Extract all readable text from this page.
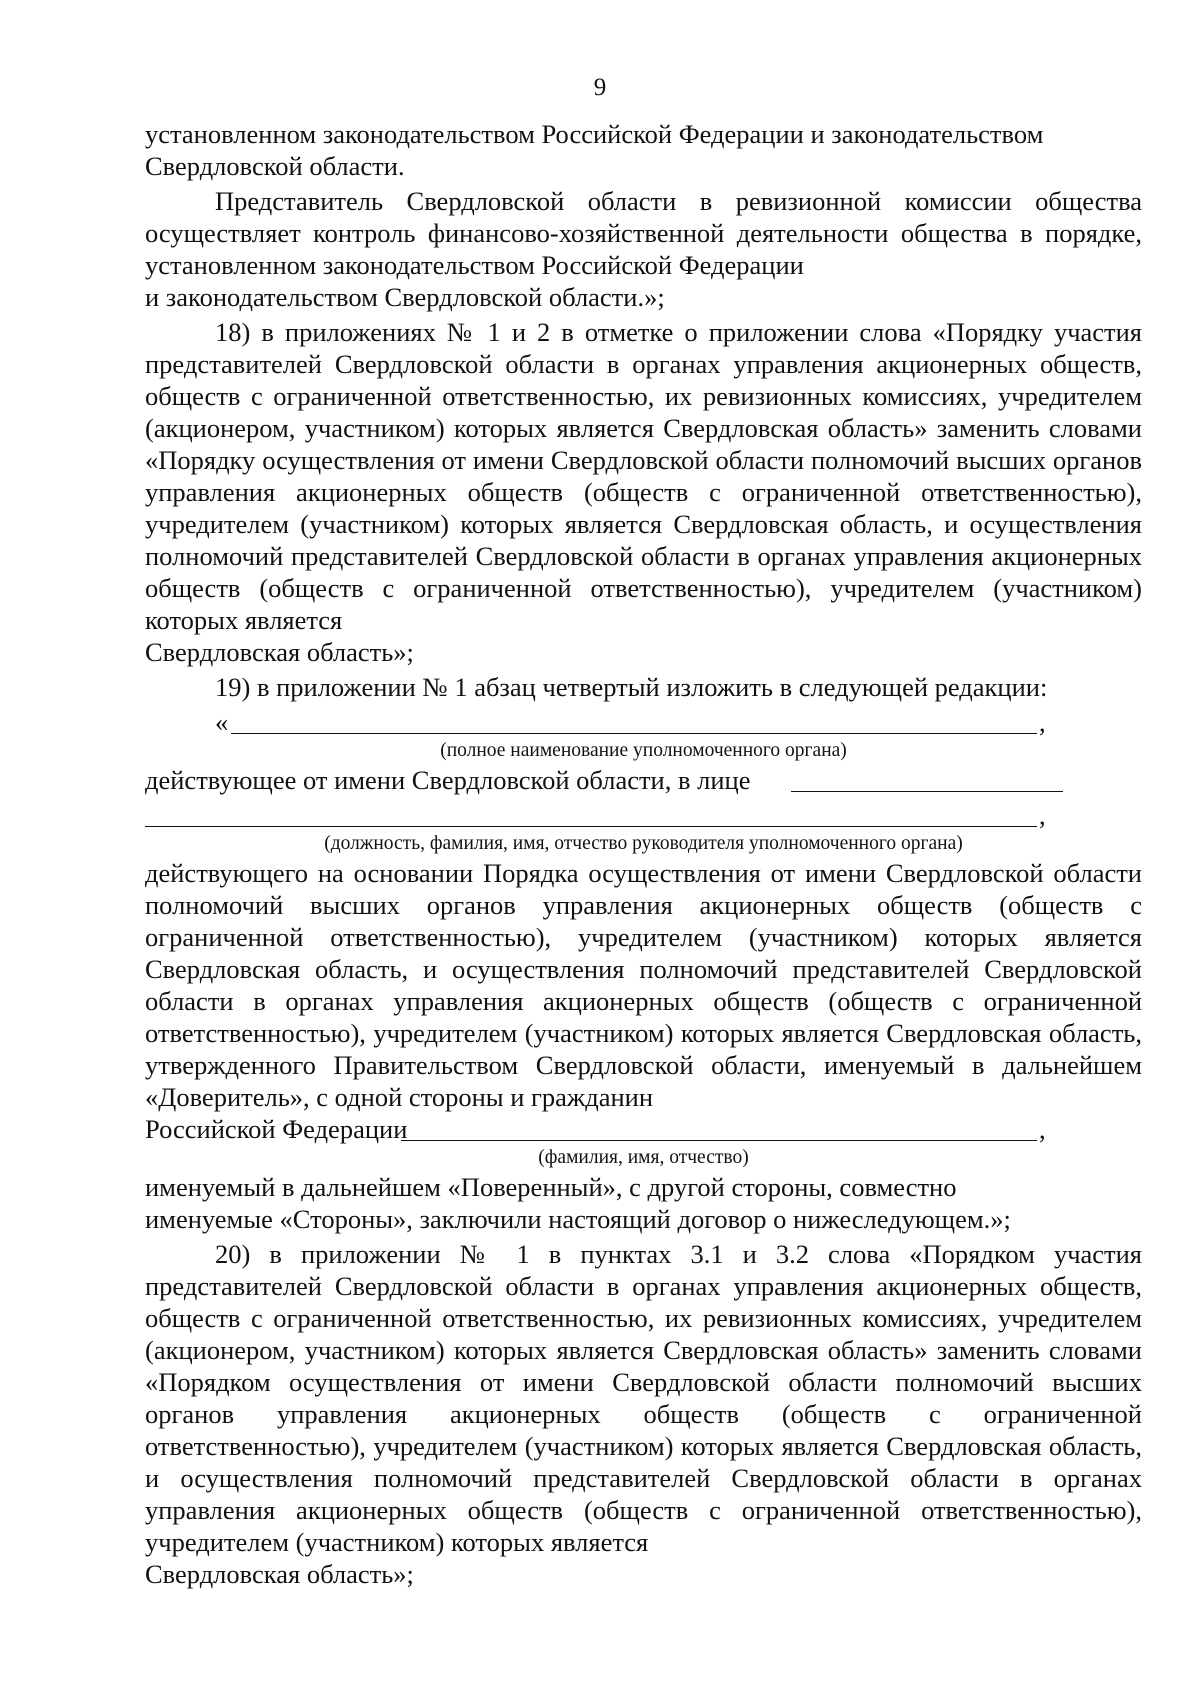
9

установленном законодательством Российской Федерации и законодательством

Свердловской области.

Представитель Свердловской области в ревизионной комиссии общества осуществляет контроль финансово-хозяйственной деятельности общества в порядке, установленном законодательством Российской Федерации

и законодательством Свердловской области.»;

18) в приложениях № 1 и 2 в отметке о приложении слова «Порядку участия представителей Свердловской области в органах управления акционерных обществ, обществ с ограниченной ответственностью, их ревизионных комиссиях, учредителем (акционером, участником) которых является Свердловская область» заменить словами «Порядку осуществления от имени Свердловской области полномочий высших органов управления акционерных обществ (обществ с ограниченной ответственностью), учредителем (участником) которых является Свердловская область, и осуществления полномочий представителей Свердловской области в органах управления акционерных обществ (обществ с ограниченной ответственностью), учредителем (участником) которых является

Свердловская область»;

19) в приложении № 1 абзац четвертый изложить в следующей редакции:

«	,
(полное наименование уполномоченного органа)
действующее от имени Свердловской области, в лице
,
(должность, фамилия, имя, отчество руководителя уполномоченного органа)

действующего на основании Порядка осуществления от имени Свердловской области полномочий высших органов управления акционерных обществ (обществ с ограниченной ответственностью), учредителем (участником) которых является Свердловская область, и осуществления полномочий представителей Свердловской области в органах управления акционерных обществ (обществ с ограниченной ответственностью), учредителем (участником) которых является Свердловская область, утвержденного Правительством Свердловской области, именуемый в дальнейшем «Доверитель», с одной стороны и гражданин

Российской Федерации	,
(фамилия, имя, отчество)

именуемый в дальнейшем «Поверенный», с другой стороны, совместно

именуемые «Стороны», заключили настоящий договор о нижеследующем.»;

20) в приложении № 1 в пунктах 3.1 и 3.2 слова «Порядком участия представителей Свердловской области в органах управления акционерных обществ, обществ с ограниченной ответственностью, их ревизионных комиссиях, учредителем (акционером, участником) которых является Свердловская область» заменить словами «Порядком осуществления от имени Свердловской области полномочий высших органов управления акционерных обществ (обществ с ограниченной ответственностью), учредителем (участником) которых является Свердловская область, и осуществления полномочий представителей Свердловской области в органах управления акционерных обществ (обществ с ограниченной ответственностью), учредителем (участником) которых является

Свердловская область»;
